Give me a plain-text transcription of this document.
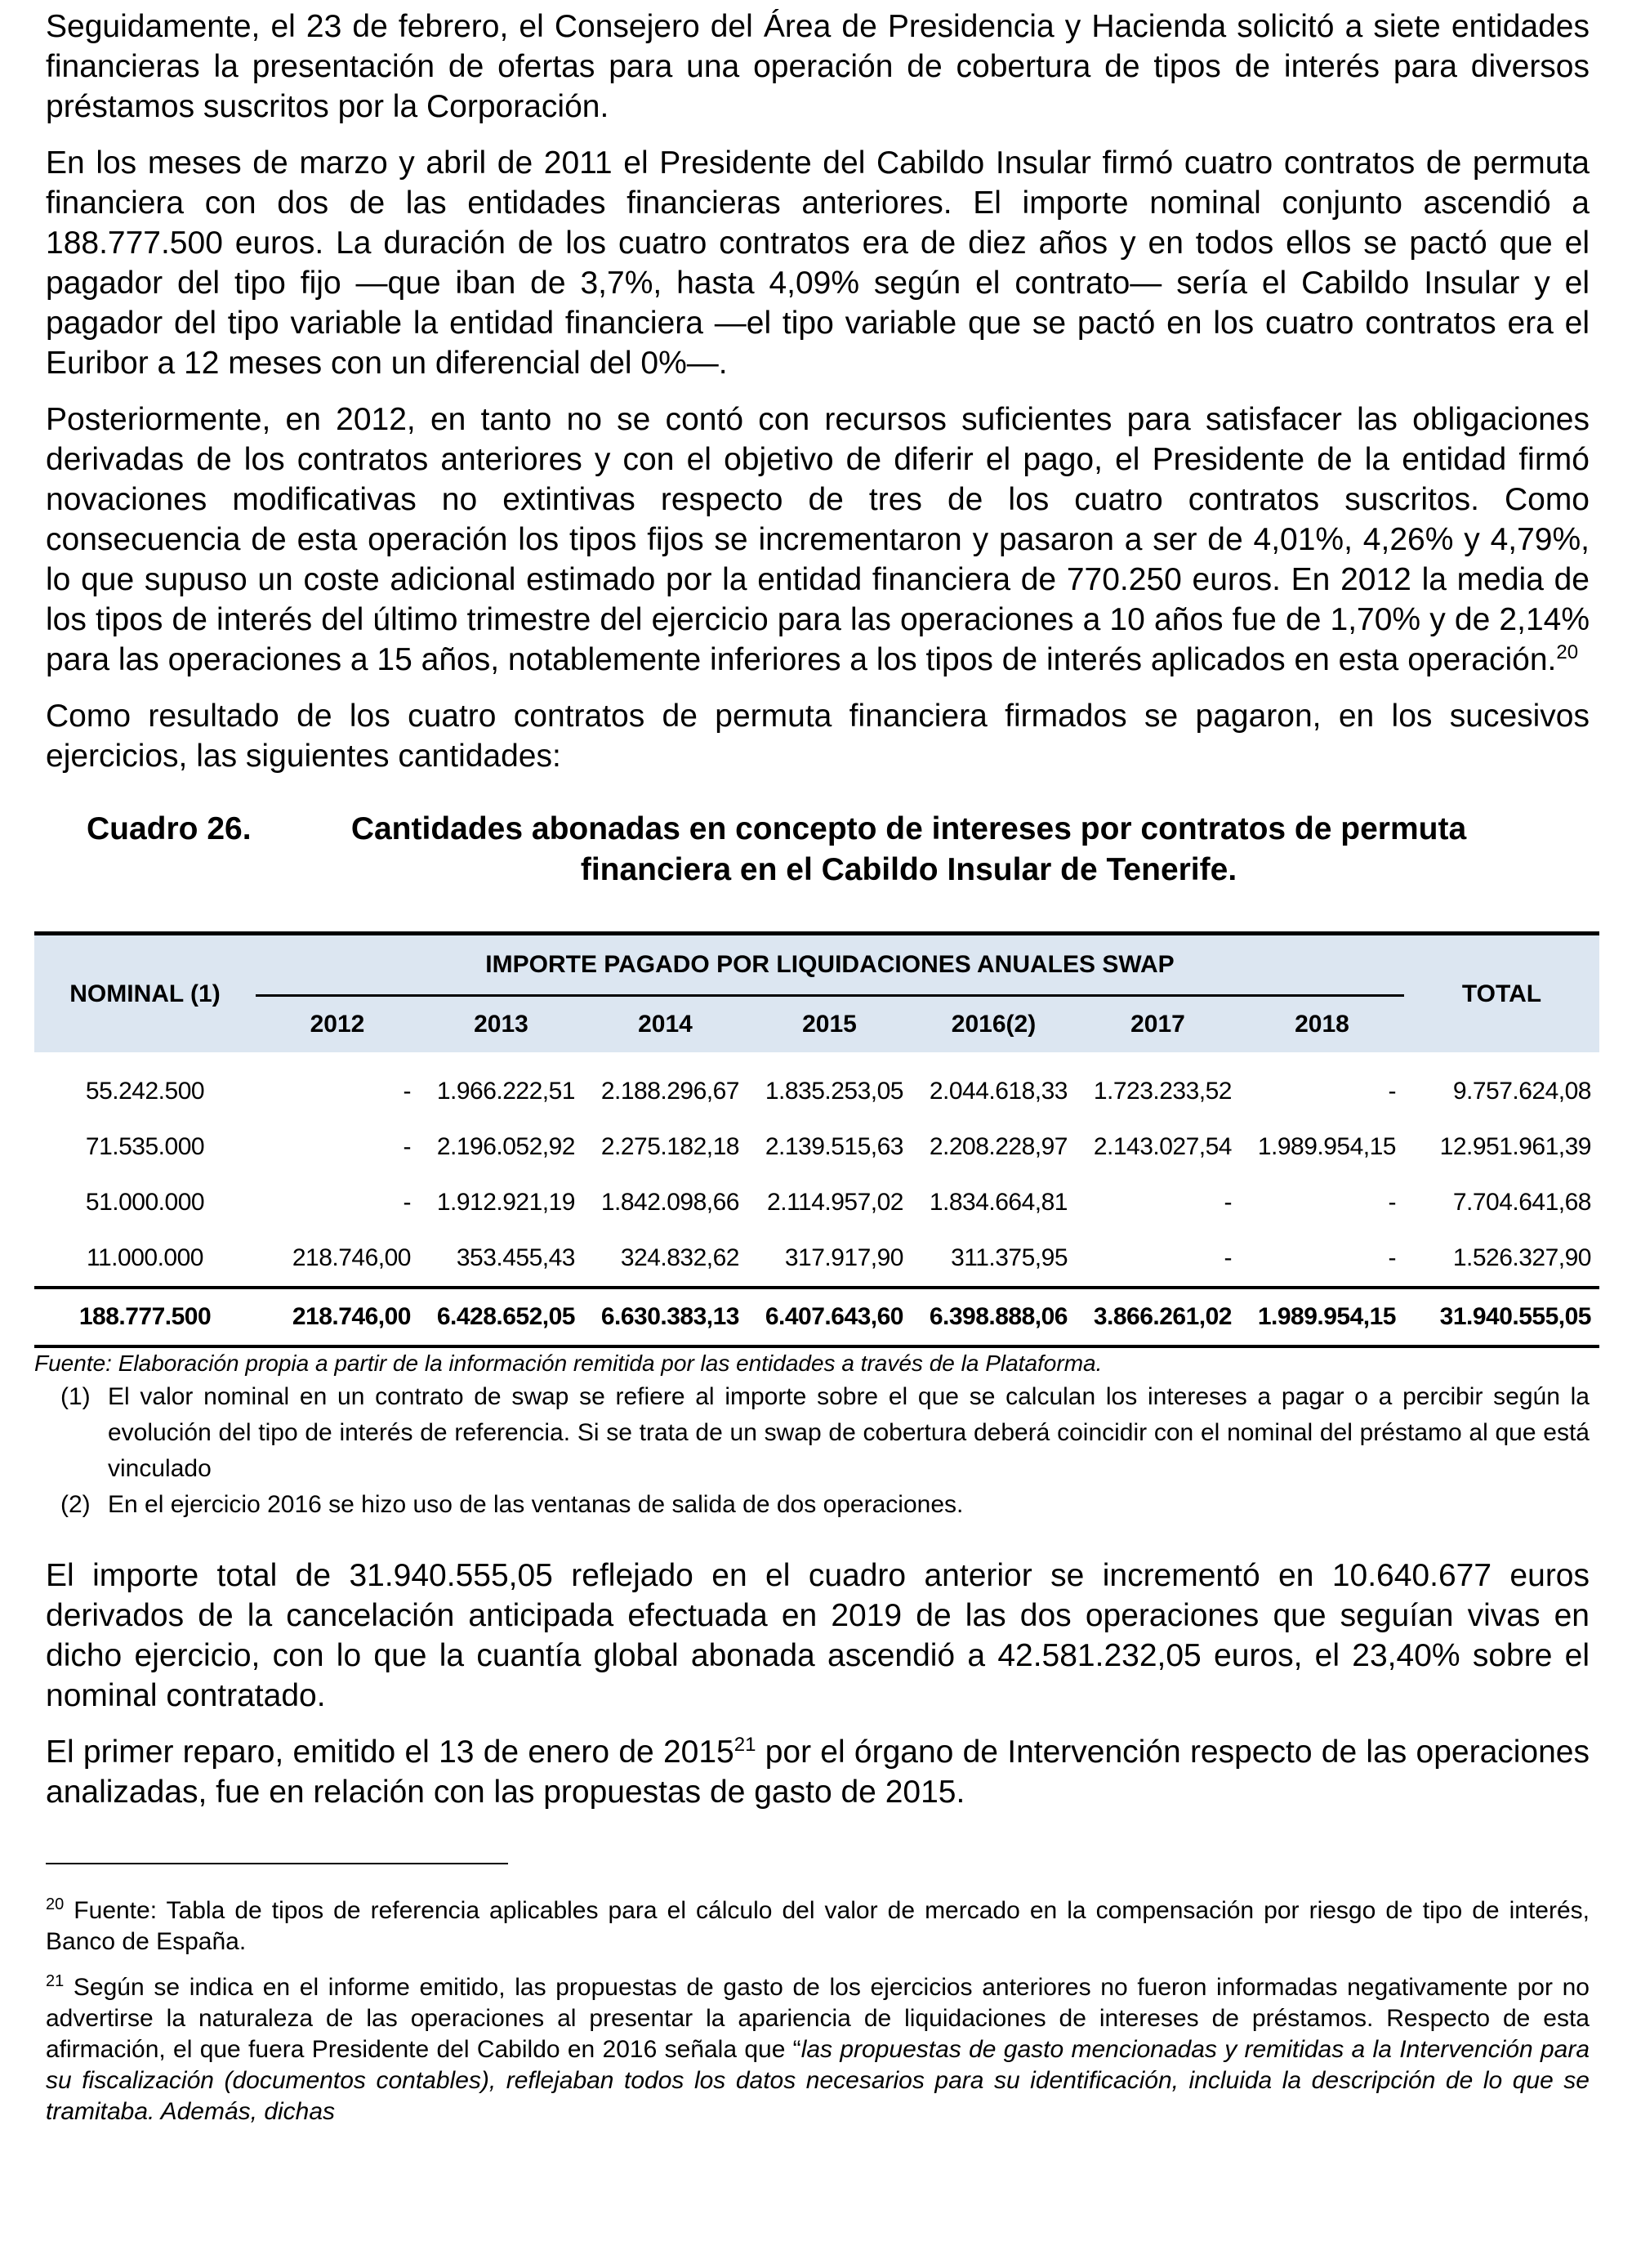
Seguidamente, el 23 de febrero, el Consejero del Área de Presidencia y Hacienda solicitó a siete entidades financieras la presentación de ofertas para una operación de cobertura de tipos de interés para diversos préstamos suscritos por la Corporación.

En los meses de marzo y abril de 2011 el Presidente del Cabildo Insular firmó cuatro contratos de permuta financiera con dos de las entidades financieras anteriores. El importe nominal conjunto ascendió a 188.777.500 euros. La duración de los cuatro contratos era de diez años y en todos ellos se pactó que el pagador del tipo fijo —que iban de 3,7%, hasta 4,09% según el contrato— sería el Cabildo Insular y el pagador del tipo variable la entidad financiera —el tipo variable que se pactó en los cuatro contratos era el Euribor a 12 meses con un diferencial del 0%—.

Posteriormente, en 2012, en tanto no se contó con recursos suficientes para satisfacer las obligaciones derivadas de los contratos anteriores y con el objetivo de diferir el pago, el Presidente de la entidad firmó novaciones modificativas no extintivas respecto de tres de los cuatro contratos suscritos. Como consecuencia de esta operación los tipos fijos se incrementaron y pasaron a ser de 4,01%, 4,26% y 4,79%, lo que supuso un coste adicional estimado por la entidad financiera de 770.250 euros. En 2012 la media de los tipos de interés del último trimestre del ejercicio para las operaciones a 10 años fue de 1,70% y de 2,14% para las operaciones a 15 años, notablemente inferiores a los tipos de interés aplicados en esta operación.$^{20}$

Como resultado de los cuatro contratos de permuta financiera firmados se pagaron, en los sucesivos ejercicios, las siguientes cantidades:

Cuadro 26.	Cantidades abonadas en concepto de intereses por contratos de permuta financiera en el Cabildo Insular de Tenerife.
NOMINAL (1)	IMPORTE PAGADO POR LIQUIDACIONES ANUALES SWAP							TOTAL
	2012	2013	2014	2015	2016(2)	2017	2018	
55.242.500	-	1.966.222,51	2.188.296,67	1.835.253,05	2.044.618,33	1.723.233,52	-	9.757.624,08
71.535.000	-	2.196.052,92	2.275.182,18	2.139.515,63	2.208.228,97	2.143.027,54	1.989.954,15	12.951.961,39
51.000.000	-	1.912.921,19	1.842.098,66	2.114.957,02	1.834.664,81	-	-	7.704.641,68
11.000.000	218.746,00	353.455,43	324.832,62	317.917,90	311.375,95	-	-	1.526.327,90
188.777.500	218.746,00	6.428.652,05	6.630.383,13	6.407.643,60	6.398.888,06	3.866.261,02	1.989.954,15	31.940.555,05
Fuente: Elaboración propia a partir de la información remitida por las entidades a través de la Plataforma.
(1) El valor nominal en un contrato de swap se refiere al importe sobre el que se calculan los intereses a pagar o a percibir según la evolución del tipo de interés de referencia. Si se trata de un swap de cobertura deberá coincidir con el nominal del préstamo al que está vinculado
(2) En el ejercicio 2016 se hizo uso de las ventanas de salida de dos operaciones.

El importe total de 31.940.555,05 reflejado en el cuadro anterior se incrementó en 10.640.677 euros derivados de la cancelación anticipada efectuada en 2019 de las dos operaciones que seguían vivas en dicho ejercicio, con lo que la cuantía global abonada ascendió a 42.581.232,05 euros, el 23,40% sobre el nominal contratado.

El primer reparo, emitido el 13 de enero de 2015$^{21}$ por el órgano de Intervención respecto de las operaciones analizadas, fue en relación con las propuestas de gasto de 2015.

$^{20}$ Fuente: Tabla de tipos de referencia aplicables para el cálculo del valor de mercado en la compensación por riesgo de tipo de interés, Banco de España.

$^{21}$ Según se indica en el informe emitido, las propuestas de gasto de los ejercicios anteriores no fueron informadas negativamente por no advertirse la naturaleza de las operaciones al presentar la apariencia de liquidaciones de intereses de préstamos. Respecto de esta afirmación, el que fuera Presidente del Cabildo en 2016 señala que “las propuestas de gasto mencionadas y remitidas a la Intervención para su fiscalización (documentos contables), reflejaban todos los datos necesarios para su identificación, incluida la descripción de lo que se tramitaba. Además, dichas
